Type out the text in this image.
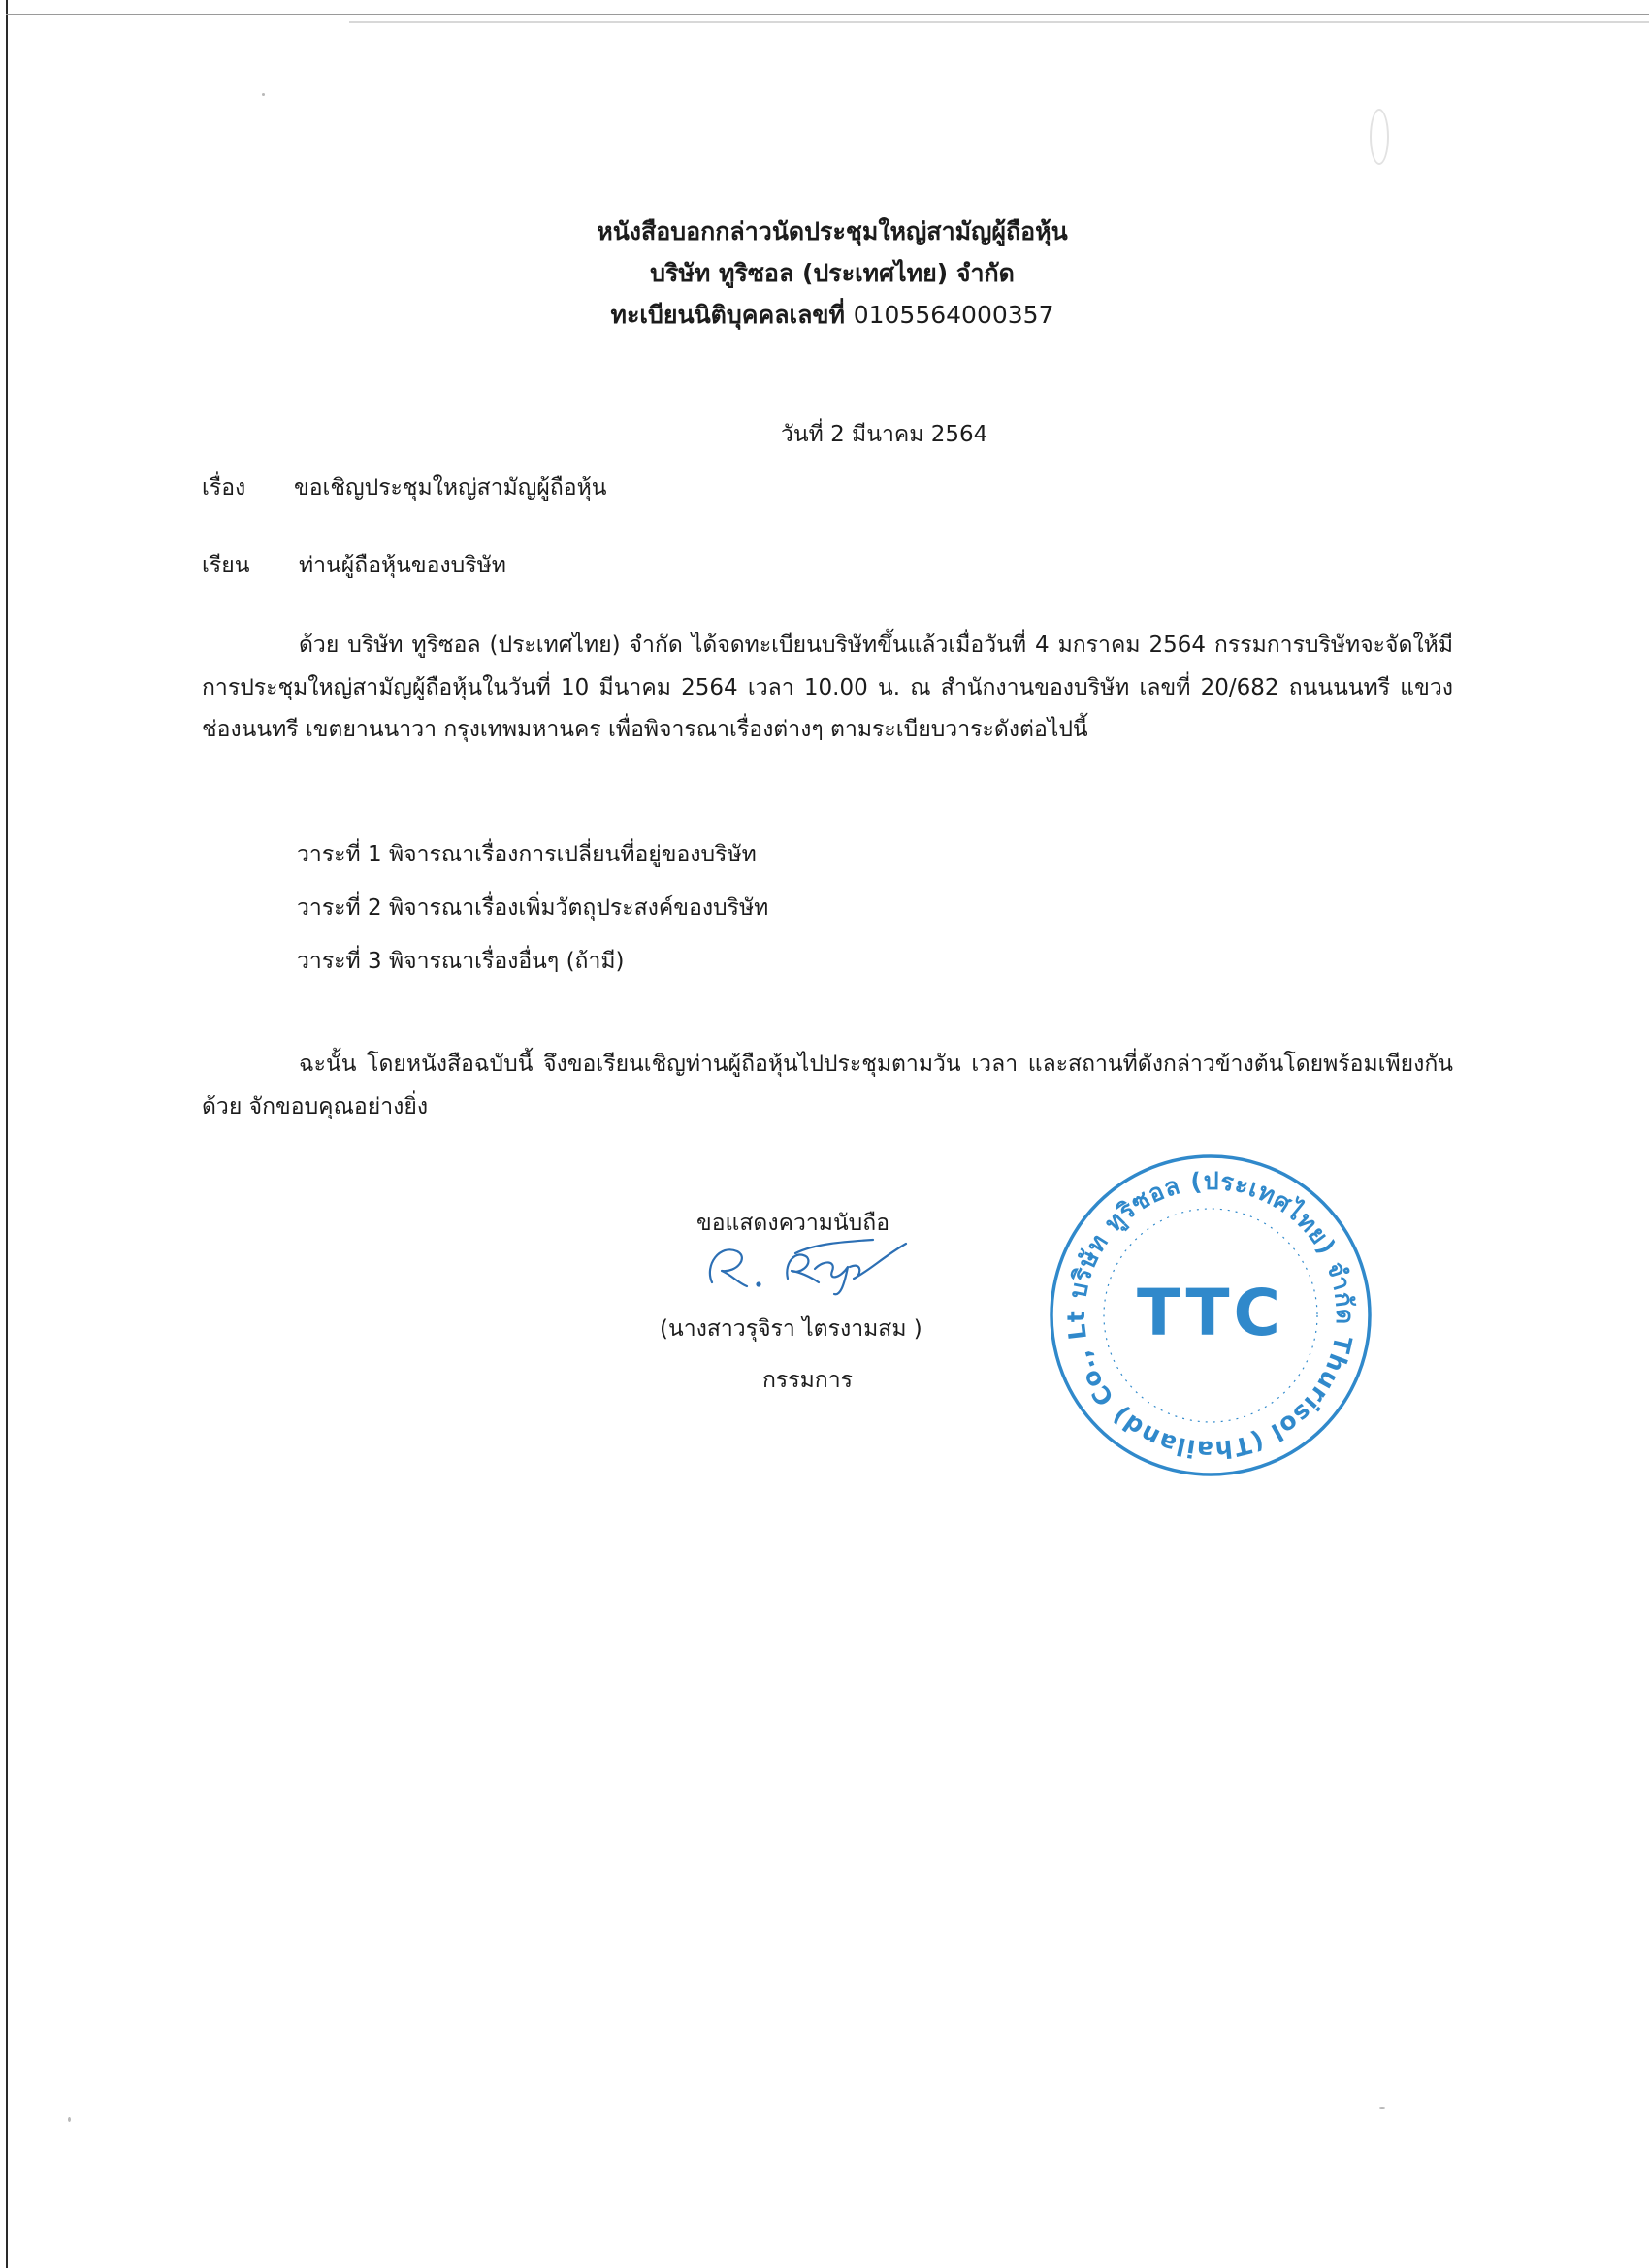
หนังสือบอกกล่าวนัดประชุมใหญ่สามัญผู้ถือหุ้น
บริษัท ทูริซอล (ประเทศไทย) จำกัด
ทะเบียนนิติบุคคลเลขที่ 0105564000357
วันที่ 2 มีนาคม 2564
เรื่อง ขอเชิญประชุมใหญ่สามัญผู้ถือหุ้น
เรียน ท่านผู้ถือหุ้นของบริษัท

ด้วย บริษัท ทูริซอล (ประเทศไทย) จำกัด ได้จดทะเบียนบริษัทขึ้นแล้วเมื่อวันที่ 4 มกราคม 2564 กรรมการบริษัทจะจัดให้มีการประชุมใหญ่สามัญผู้ถือหุ้นในวันที่ 10 มีนาคม 2564 เวลา 10.00 น. ณ สำนักงานของบริษัท เลขที่ 20/682 ถนนนนทรี แขวงช่องนนทรี เขตยานนาวา กรุงเทพมหานคร เพื่อพิจารณาเรื่องต่างๆ ตามระเบียบวาระดังต่อไปนี้

วาระที่ 1 พิจารณาเรื่องการเปลี่ยนที่อยู่ของบริษัท
วาระที่ 2 พิจารณาเรื่องเพิ่มวัตถุประสงค์ของบริษัท
วาระที่ 3 พิจารณาเรื่องอื่นๆ (ถ้ามี)

ฉะนั้น โดยหนังสือฉบับนี้ จึงขอเรียนเชิญท่านผู้ถือหุ้นไปประชุมตามวัน เวลา และสถานที่ดังกล่าวข้างต้นโดยพร้อมเพียงกันด้วย จักขอบคุณอย่างยิ่ง

ขอแสดงความนับถือ
(นางสาวรุจิรา ไตรงามสม )
กรรมการ
บริษัท ทูริซอล (ประเทศไทย) จำกัด Thurisol (Thailand) Co., Lt TTC
